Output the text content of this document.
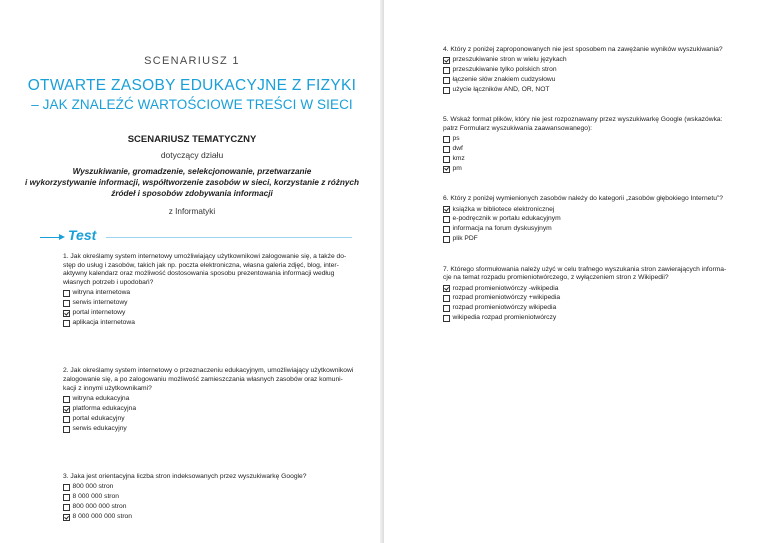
SCENARIUSZ 1
OTWARTE ZASOBY EDUKACYJNE Z FIZYKI
– JAK ZNALEŹĆ WARTOŚCIOWE TREŚCI W SIECI
SCENARIUSZ TEMATYCZNY
dotyczący działu
Wyszukiwanie, gromadzenie, selekcjonowanie, przetwarzanie
i wykorzystywanie informacji, współtworzenie zasobów w sieci, korzystanie z różnych
źródeł i sposobów zdobywania informacji
z Informatyki
Test
1. Jak określamy system internetowy umożliwiający użytkownikowi zalogowanie się, a także do-
stęp do usług i zasobów, takich jak np. poczta elektroniczna, własna galeria zdjęć, blog, inter-
aktywny kalendarz oraz możliwość dostosowania sposobu prezentowania informacji według
własnych potrzeb i upodobań?
witryna internetowa
serwis internetowy
portal internetowy
aplikacja internetowa
2. Jak określamy system internetowy o przeznaczeniu edukacyjnym, umożliwiający użytkownikowi
zalogowanie się, a po zalogowaniu możliwość zamieszczania własnych zasobów oraz komuni-
kacji z innymi użytkownikami?
witryna edukacyjna
platforma edukacyjna
portal edukacyjny
serwis edukacyjny
3. Jaka jest orientacyjna liczba stron indeksowanych przez wyszukiwarkę Google?
800 000 stron
8 000 000 stron
800 000 000 stron
8 000 000 000 stron
4. Który z poniżej zaproponowanych nie jest sposobem na zawężanie wyników wyszukiwania?
przeszukiwanie stron w wielu językach
przeszukiwanie tylko polskich stron
łączenie słów znakiem cudzysłowu
użycie łączników AND, OR, NOT
5. Wskaż format plików, który nie jest rozpoznawany przez wyszukiwarkę Google (wskazówka:
patrz Formularz wyszukiwania zaawansowanego):
ps
dwf
kmz
pm
6. Który z poniżej wymienionych zasobów należy do kategorii „zasobów głębokiego Internetu”?
książka w bibliotece elektronicznej
e-podręcznik w portalu edukacyjnym
informacja na forum dyskusyjnym
plik PDF
7. Którego sformułowania należy użyć w celu trafnego wyszukania stron zawierających informa-
cje na temat rozpadu promieniotwórczego, z wyłączeniem stron z Wikipedii?
rozpad promieniotwórczy -wikipedia
rozpad promieniotwórczy +wikipedia
rozpad promieniotwórczy wikipedia
wikipedia rozpad promieniotwórczy
